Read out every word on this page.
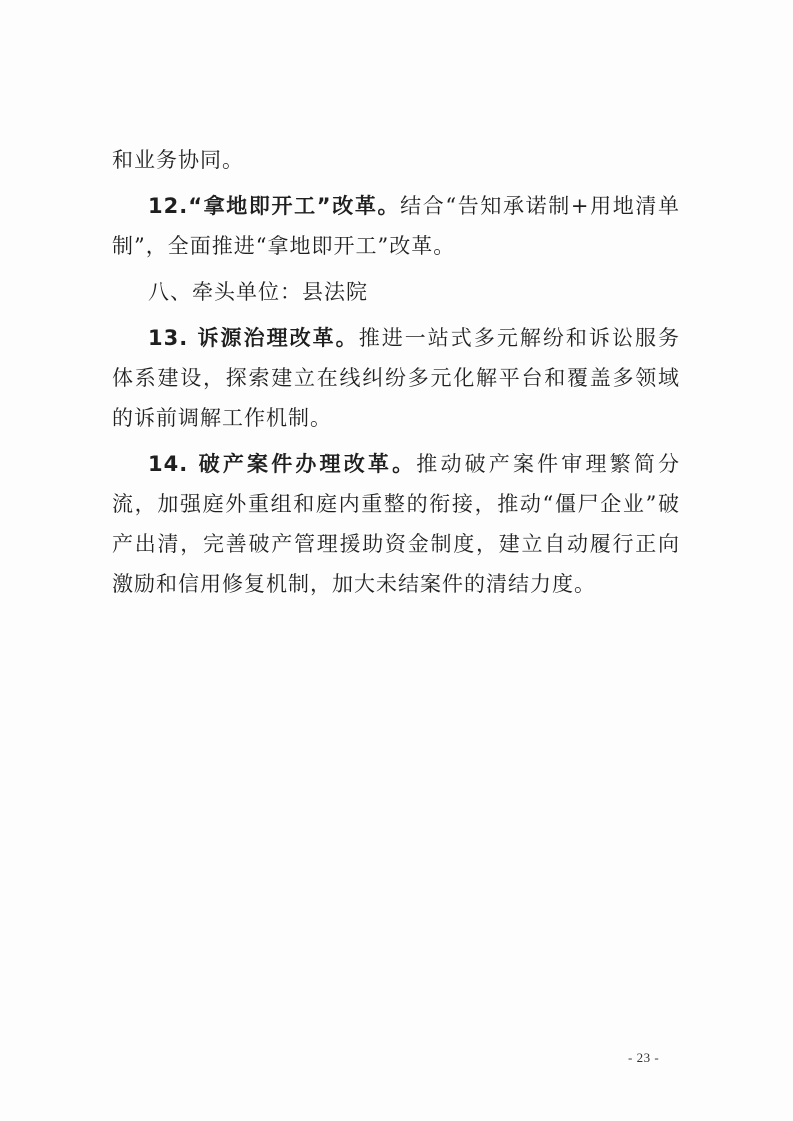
和业务协同。

12.“拿地即开工”改革。结合“告知承诺制+用地清单制”，全面推进“拿地即开工”改革。

八、牵头单位：县法院

13. 诉源治理改革。推进一站式多元解纷和诉讼服务体系建设，探索建立在线纠纷多元化解平台和覆盖多领域的诉前调解工作机制。

14. 破产案件办理改革。推动破产案件审理繁简分流，加强庭外重组和庭内重整的衔接，推动“僵尸企业”破产出清，完善破产管理援助资金制度，建立自动履行正向激励和信用修复机制，加大未结案件的清结力度。

- 23 -
